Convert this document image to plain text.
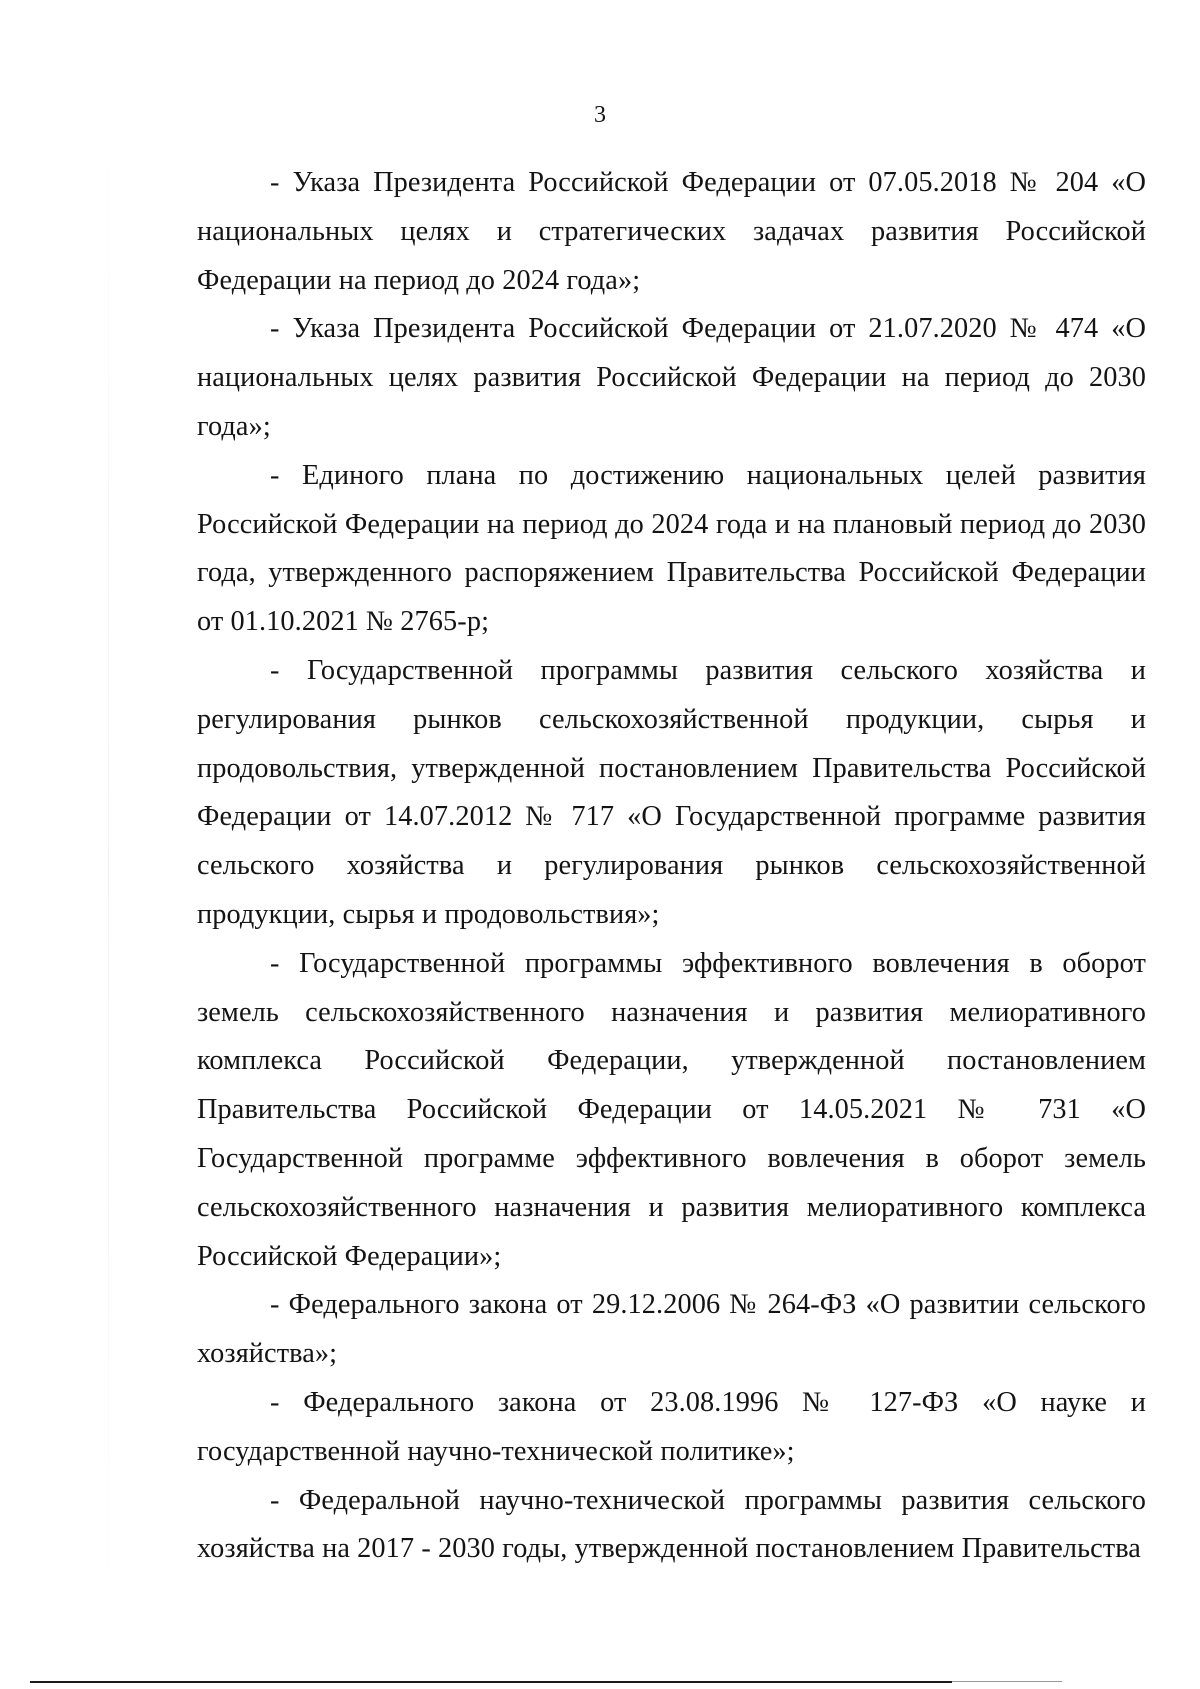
3

- Указа Президента Российской Федерации от 07.05.2018 № 204 «О национальных целях и стратегических задачах развития Российской Федерации на период до 2024 года»;

- Указа Президента Российской Федерации от 21.07.2020 № 474 «О национальных целях развития Российской Федерации на период до 2030 года»;

- Единого плана по достижению национальных целей развития Российской Федерации на период до 2024 года и на плановый период до 2030 года, утвержденного распоряжением Правительства Российской Федерации от 01.10.2021 № 2765-р;

- Государственной программы развития сельского хозяйства и регулирования рынков сельскохозяйственной продукции, сырья и продовольствия, утвержденной постановлением Правительства Российской Федерации от 14.07.2012 № 717 «О Государственной программе развития сельского хозяйства и регулирования рынков сельскохозяйственной продукции, сырья и продовольствия»;

- Государственной программы эффективного вовлечения в оборот земель сельскохозяйственного назначения и развития мелиоративного комплекса Российской Федерации, утвержденной постановлением Правительства Российской Федерации от 14.05.2021 № 731 «О Государственной программе эффективного вовлечения в оборот земель сельскохозяйственного назначения и развития мелиоративного комплекса Российской Федерации»;

- Федерального закона от 29.12.2006 № 264-ФЗ «О развитии сельского хозяйства»;

- Федерального закона от 23.08.1996 № 127-ФЗ «О науке и государственной научно-технической политике»;

- Федеральной научно-технической программы развития сельского хозяйства на 2017 - 2030 годы, утвержденной постановлением Правительства
